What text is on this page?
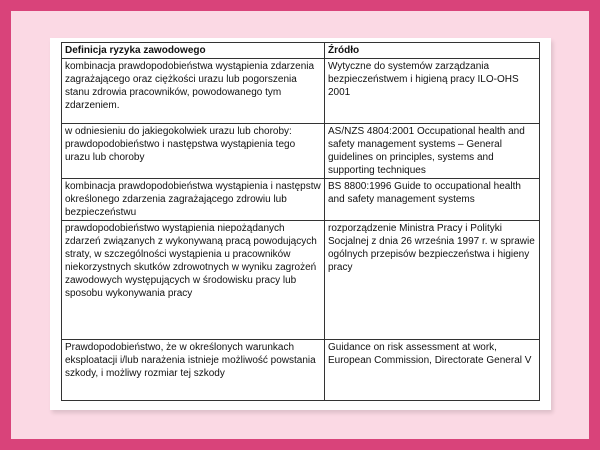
Definicja ryzyka zawodowego	Źródło
kombinacja prawdopodobieństwa wystąpienia zdarzenia zagrażającego oraz ciężkości urazu lub pogorszenia stanu zdrowia pracowników, powodowanego tym zdarzeniem.	Wytyczne do systemów zarządzania bezpieczeństwem i higieną pracy ILO-OHS 2001
w odniesieniu do jakiegokolwiek urazu lub choroby: prawdopodobieństwo i następstwa wystąpienia tego urazu lub choroby	AS/NZS 4804:2001 Occupational health and safety management systems – General guidelines on principles, systems and supporting techniques
kombinacja prawdopodobieństwa wystąpienia i następstw określonego zdarzenia zagrażającego zdrowiu lub bezpieczeństwu	BS 8800:1996 Guide to occupational health and safety management systems
prawdopodobieństwo wystąpienia niepożądanych zdarzeń związanych z wykonywaną pracą powodujących straty, w szczególności wystąpienia u pracowników niekorzystnych skutków zdrowotnych w wyniku zagrożeń zawodowych występujących w środowisku pracy lub sposobu wykonywania pracy	rozporządzenie Ministra Pracy i Polityki Socjalnej z dnia 26 września 1997 r. w sprawie ogólnych przepisów bezpieczeństwa i higieny pracy
Prawdopodobieństwo, że w określonych warunkach eksploatacji i/lub narażenia istnieje możliwość powstania szkody, i możliwy rozmiar tej szkody	Guidance on risk assessment at work, European Commission, Directorate General V
